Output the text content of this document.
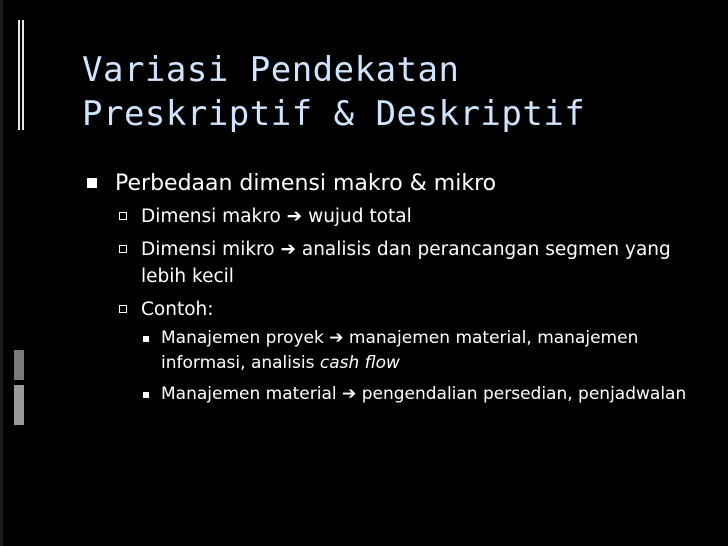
Variasi Pendekatan
Preskriptif & Deskriptif
Perbedaan dimensi makro & mikro
Dimensi makro ➔ wujud total
Dimensi mikro ➔ analisis dan perancangan segmen yang lebih kecil
Contoh:
Manajemen proyek ➔ manajemen material, manajemen informasi, analisis cash flow
Manajemen material ➔ pengendalian persedian, penjadwalan
